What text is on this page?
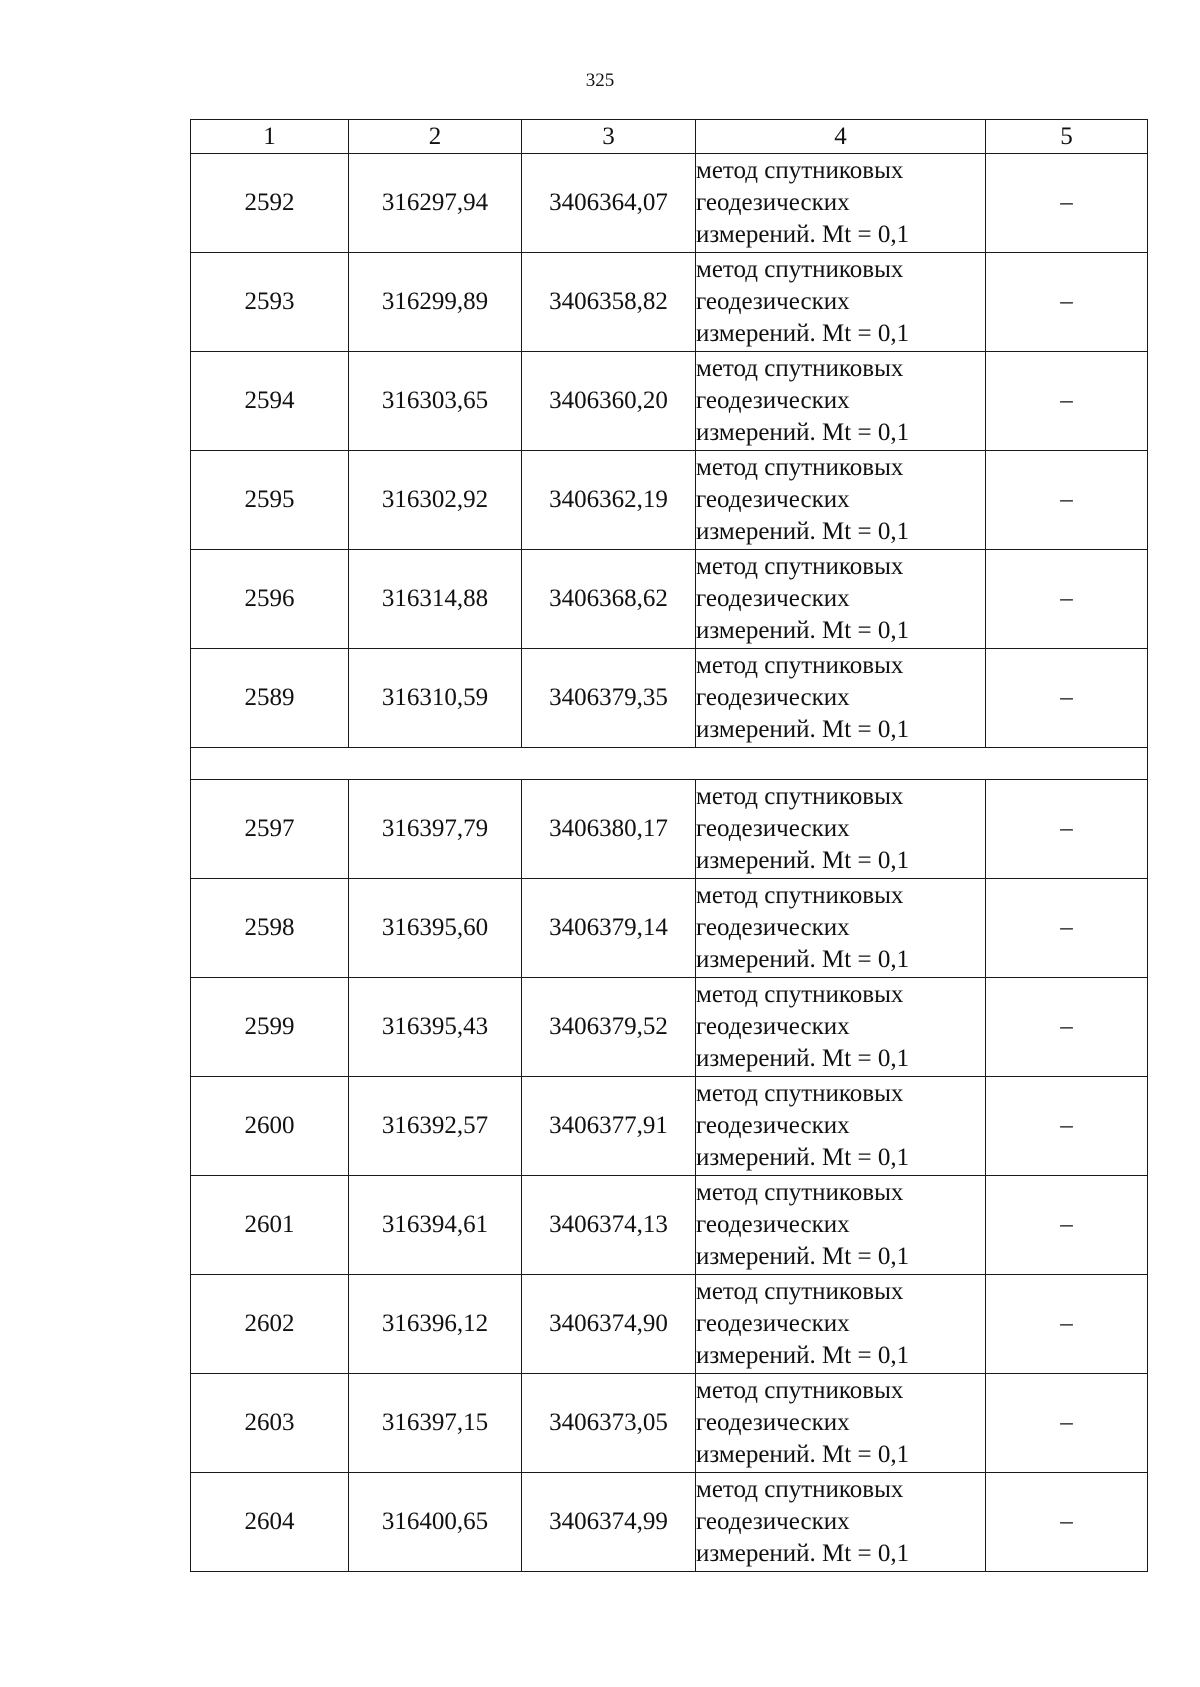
325
1	2	3	4	5
2592	316297,94	3406364,07	метод спутниковых
геодезических
измерений. Mt = 0,1	–
2593	316299,89	3406358,82	метод спутниковых
геодезических
измерений. Mt = 0,1	–
2594	316303,65	3406360,20	метод спутниковых
геодезических
измерений. Mt = 0,1	–
2595	316302,92	3406362,19	метод спутниковых
геодезических
измерений. Mt = 0,1	–
2596	316314,88	3406368,62	метод спутниковых
геодезических
измерений. Mt = 0,1	–
2589	316310,59	3406379,35	метод спутниковых
геодезических
измерений. Mt = 0,1	–

2597	316397,79	3406380,17	метод спутниковых
геодезических
измерений. Mt = 0,1	–
2598	316395,60	3406379,14	метод спутниковых
геодезических
измерений. Mt = 0,1	–
2599	316395,43	3406379,52	метод спутниковых
геодезических
измерений. Mt = 0,1	–
2600	316392,57	3406377,91	метод спутниковых
геодезических
измерений. Mt = 0,1	–
2601	316394,61	3406374,13	метод спутниковых
геодезических
измерений. Mt = 0,1	–
2602	316396,12	3406374,90	метод спутниковых
геодезических
измерений. Mt = 0,1	–
2603	316397,15	3406373,05	метод спутниковых
геодезических
измерений. Mt = 0,1	–
2604	316400,65	3406374,99	метод спутниковых
геодезических
измерений. Mt = 0,1	–
